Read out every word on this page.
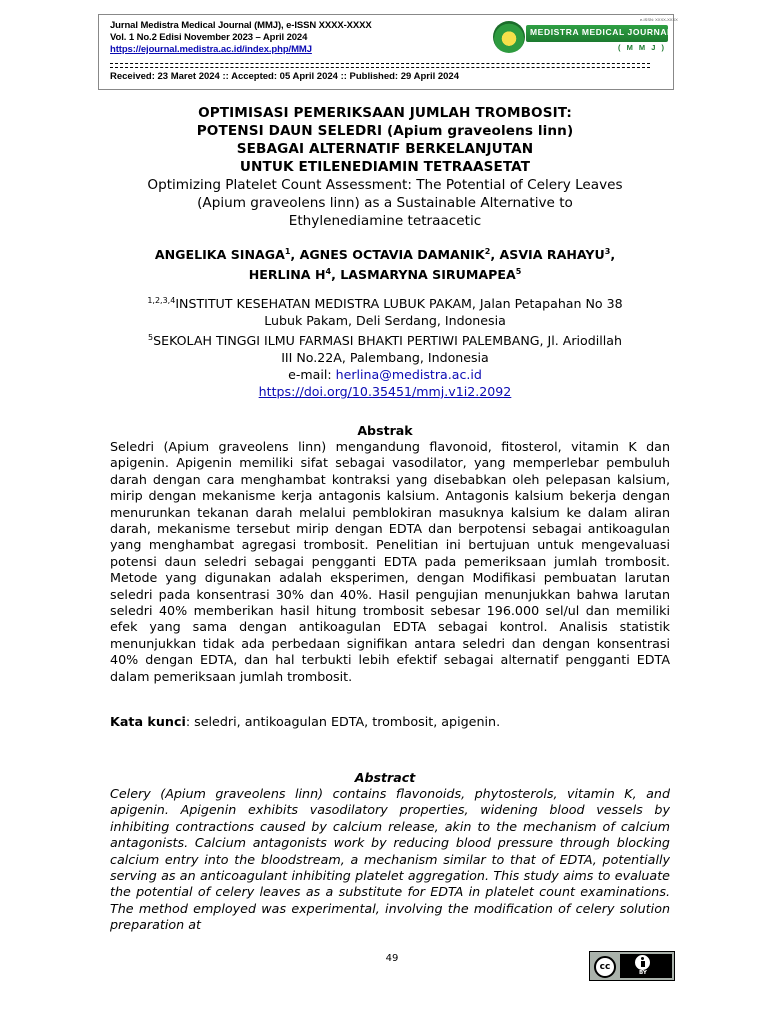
Jurnal Medistra Medical Journal (MMJ), e-ISSN XXXX-XXXX
Vol. 1 No.2 Edisi November 2023 – April 2024
https://ejournal.medistra.ac.id/index.php/MMJ
e-ISSN: XXXX-XXXX
MEDISTRA MEDICAL JOURNAL
( M M J )
Received: 23 Maret 2024 :: Accepted: 05 April 2024 :: Published: 29 April 2024
OPTIMISASI PEMERIKSAAN JUMLAH TROMBOSIT:
POTENSI DAUN SELEDRI (Apium graveolens linn)
SEBAGAI ALTERNATIF BERKELANJUTAN
UNTUK ETILENEDIAMIN TETRAASETAT
Optimizing Platelet Count Assessment: The Potential of Celery Leaves
(Apium graveolens linn) as a Sustainable Alternative to
Ethylenediamine tetraacetic
ANGELIKA SINAGA$^1$, AGNES OCTAVIA DAMANIK$^2$, ASVIA RAHAYU$^3$,
HERLINA $H^4$, LASMARYNA SIRUMAPEA$^5$
$^{1,2,3,4}$INSTITUT KESEHATAN MEDISTRA LUBUK PAKAM, Jalan Petapahan No 38
Lubuk Pakam, Deli Serdang, Indonesia
$^5$SEKOLAH TINGGI ILMU FARMASI BHAKTI PERTIWI PALEMBANG, Jl. Ariodillah
III No.22A, Palembang, Indonesia
e-mail: herlina@medistra.ac.id
https://doi.org/10.35451/mmj.v1i2.2092
Abstrak
Seledri (Apium graveolens linn) mengandung flavonoid, fitosterol, vitamin K dan apigenin. Apigenin memiliki sifat sebagai vasodilator, yang memperlebar pembuluh darah dengan cara menghambat kontraksi yang disebabkan oleh pelepasan kalsium, mirip dengan mekanisme kerja antagonis kalsium. Antagonis kalsium bekerja dengan menurunkan tekanan darah melalui pemblokiran masuknya kalsium ke dalam aliran darah, mekanisme tersebut mirip dengan EDTA dan berpotensi sebagai antikoagulan yang menghambat agregasi trombosit. Penelitian ini bertujuan untuk mengevaluasi potensi daun seledri sebagai pengganti EDTA pada pemeriksaan jumlah trombosit. Metode yang digunakan adalah eksperimen, dengan Modifikasi pembuatan larutan seledri pada konsentrasi 30% dan 40%. Hasil pengujian menunjukkan bahwa larutan seledri 40% memberikan hasil hitung trombosit sebesar 196.000 sel/ul dan memiliki efek yang sama dengan antikoagulan EDTA sebagai kontrol. Analisis statistik menunjukkan tidak ada perbedaan signifikan antara seledri dan dengan konsentrasi 40% dengan EDTA, dan hal terbukti lebih efektif sebagai alternatif pengganti EDTA dalam pemeriksaan jumlah trombosit.
Kata kunci: seledri, antikoagulan EDTA, trombosit, apigenin.
Abstract
Celery (Apium graveolens linn) contains flavonoids, phytosterols, vitamin K, and apigenin. Apigenin exhibits vasodilatory properties, widening blood vessels by inhibiting contractions caused by calcium release, akin to the mechanism of calcium antagonists. Calcium antagonists work by reducing blood pressure through blocking calcium entry into the bloodstream, a mechanism similar to that of EDTA, potentially serving as an anticoagulant inhibiting platelet aggregation. This study aims to evaluate the potential of celery leaves as a substitute for EDTA in platelet count examinations. The method employed was experimental, involving the modification of celery solution preparation at
49
cc
BY
